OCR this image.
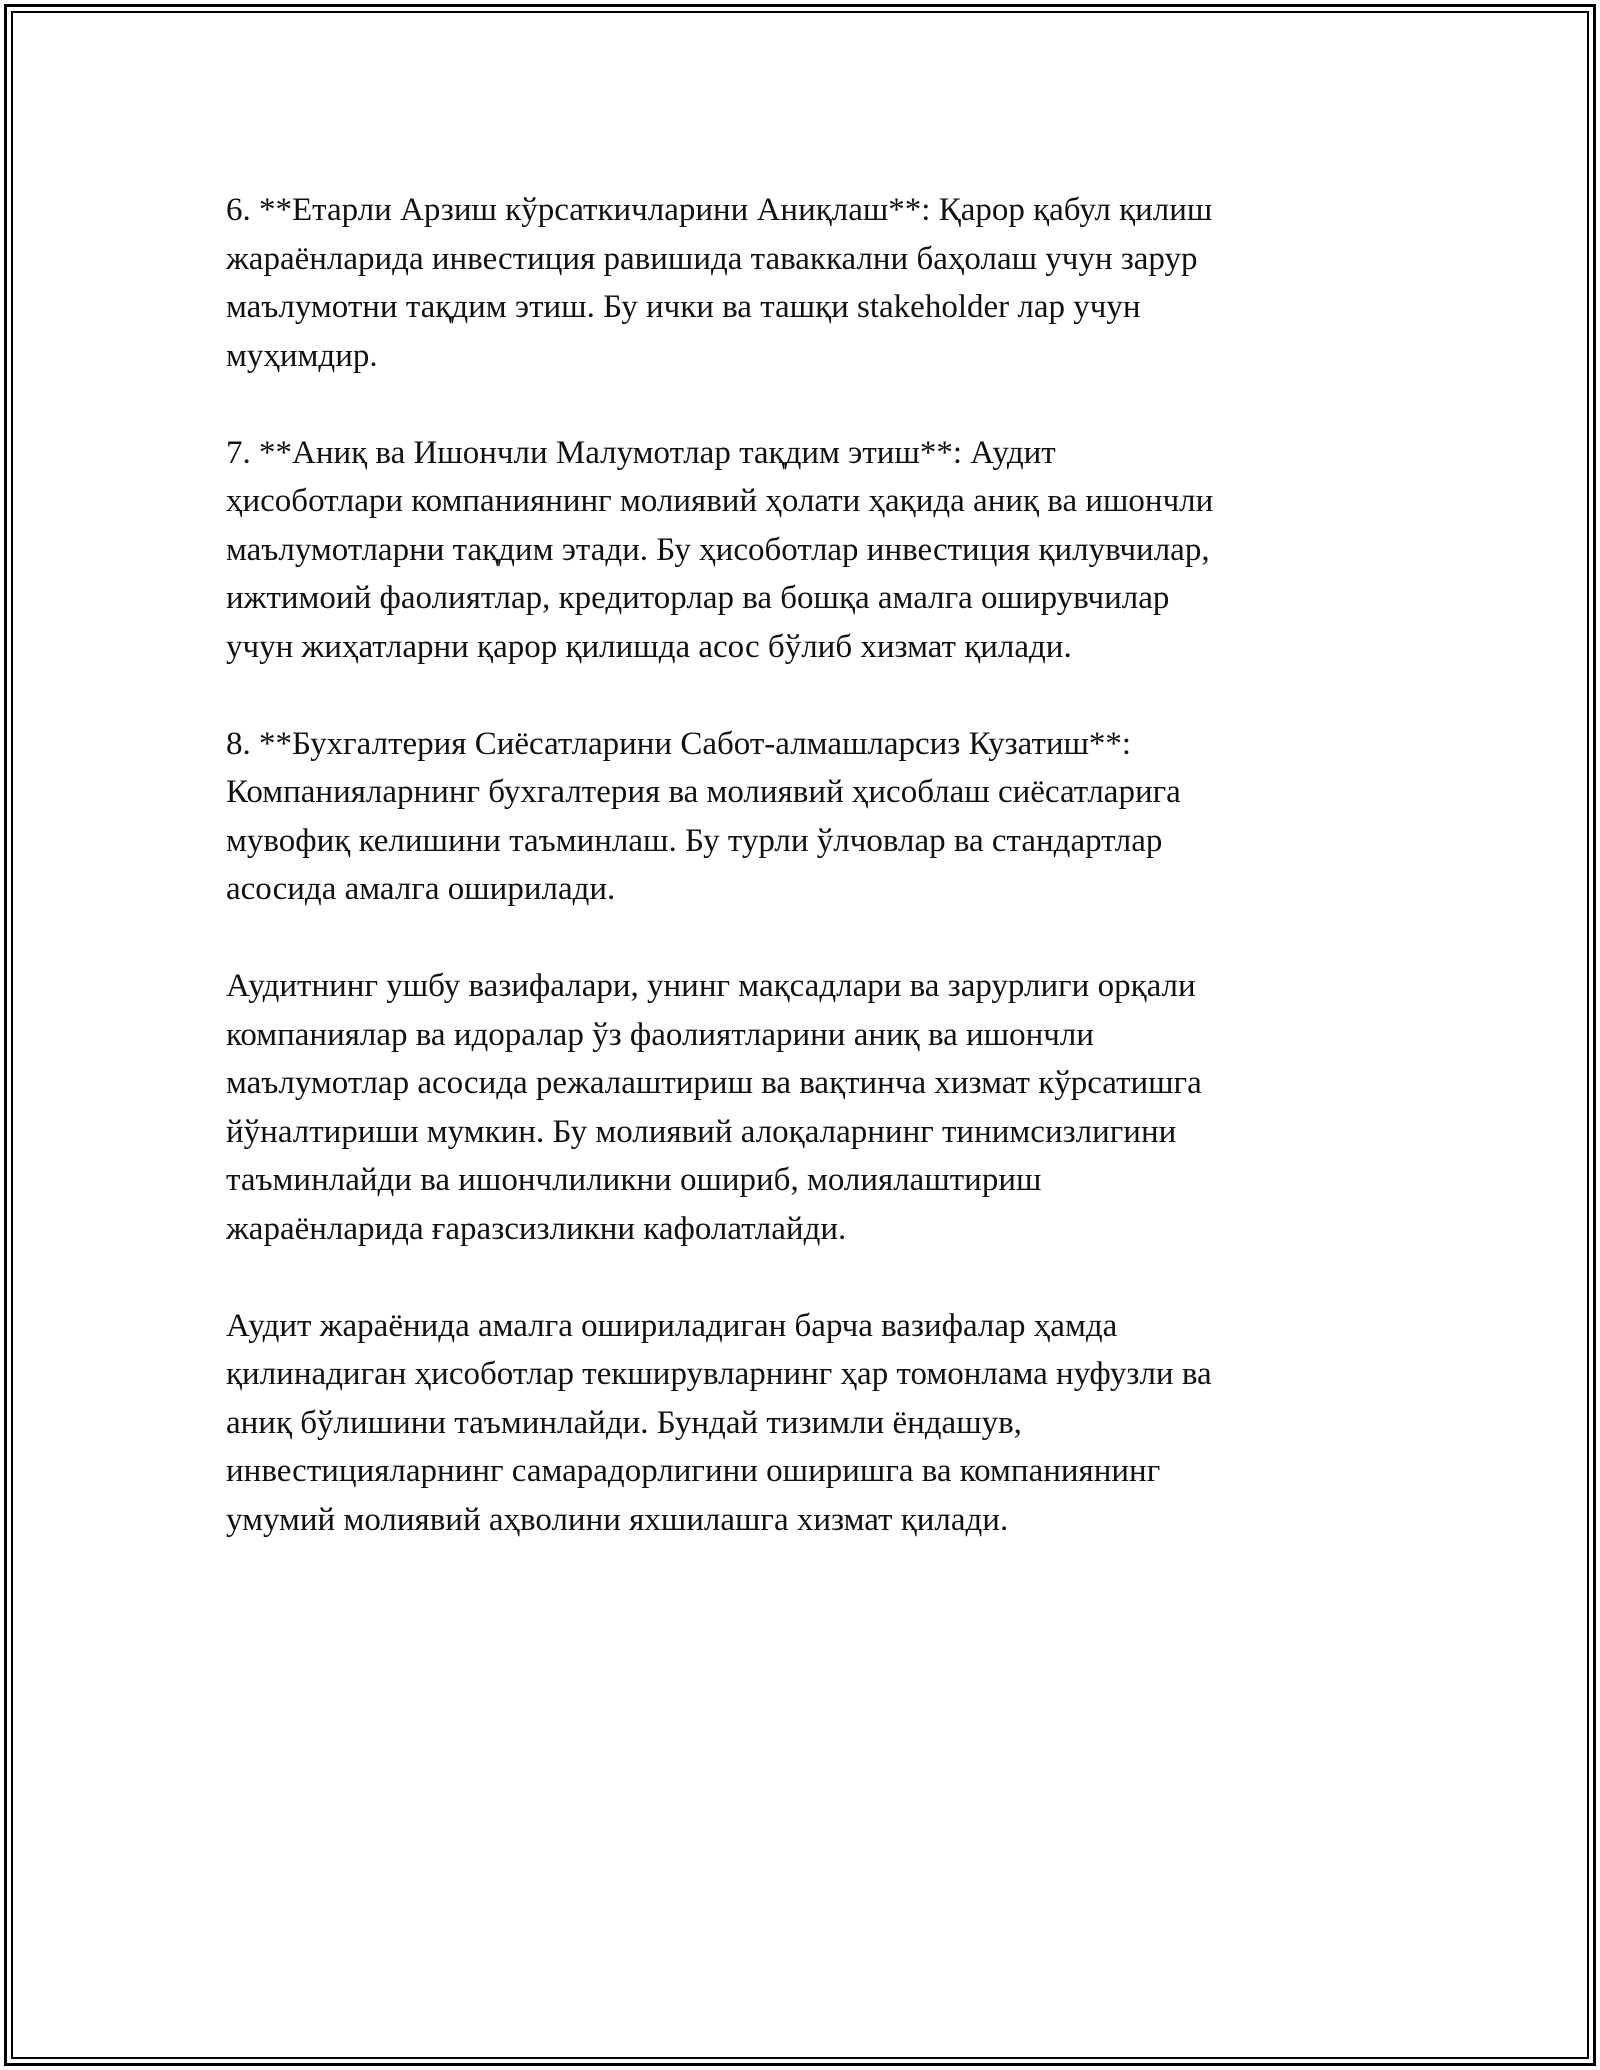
6. **Етарли Арзиш кўрсаткичларини Аниқлаш**: Қарор қабул қилиш
жараёнларида инвестиция равишида таваккални баҳолаш учун зарур
маълумотни тақдим этиш. Бу ички ва ташқи stakeholder лар учун
муҳимдир.

7. **Аниқ ва Ишончли Малумотлар тақдим этиш**: Аудит
ҳисоботлари компаниянинг молиявий ҳолати ҳақида аниқ ва ишончли
маълумотларни тақдим этади. Бу ҳисоботлар инвестиция қилувчилар,
ижтимоий фаолиятлар, кредиторлар ва бошқа амалга оширувчилар
учун жиҳатларни қарор қилишда асос бўлиб хизмат қилади.

8. **Бухгалтерия Сиёсатларини Сабот-алмашларсиз Кузатиш**:
Компанияларнинг бухгалтерия ва молиявий ҳисоблаш сиёсатларига
мувофиқ келишини таъминлаш. Бу турли ўлчовлар ва стандартлар
асосида амалга оширилади.

Аудитнинг ушбу вазифалари, унинг мақсадлари ва зарурлиги орқали
компаниялар ва идоралар ўз фаолиятларини аниқ ва ишончли
маълумотлар асосида режалаштириш ва вақтинча хизмат кўрсатишга
йўналтириши мумкин. Бу молиявий алоқаларнинг тинимсизлигини
таъминлайди ва ишончлиликни ошириб, молиялаштириш
жараёнларида ғаразсизликни кафолатлайди.

Аудит жараёнида амалга ошириладиган барча вазифалар ҳамда
қилинадиган ҳисоботлар текширувларнинг ҳар томонлама нуфузли ва
аниқ бўлишини таъминлайди. Бундай тизимли ёндашув,
инвестицияларнинг самарадорлигини оширишга ва компаниянинг
умумий молиявий аҳволини яхшилашга хизмат қилади.
